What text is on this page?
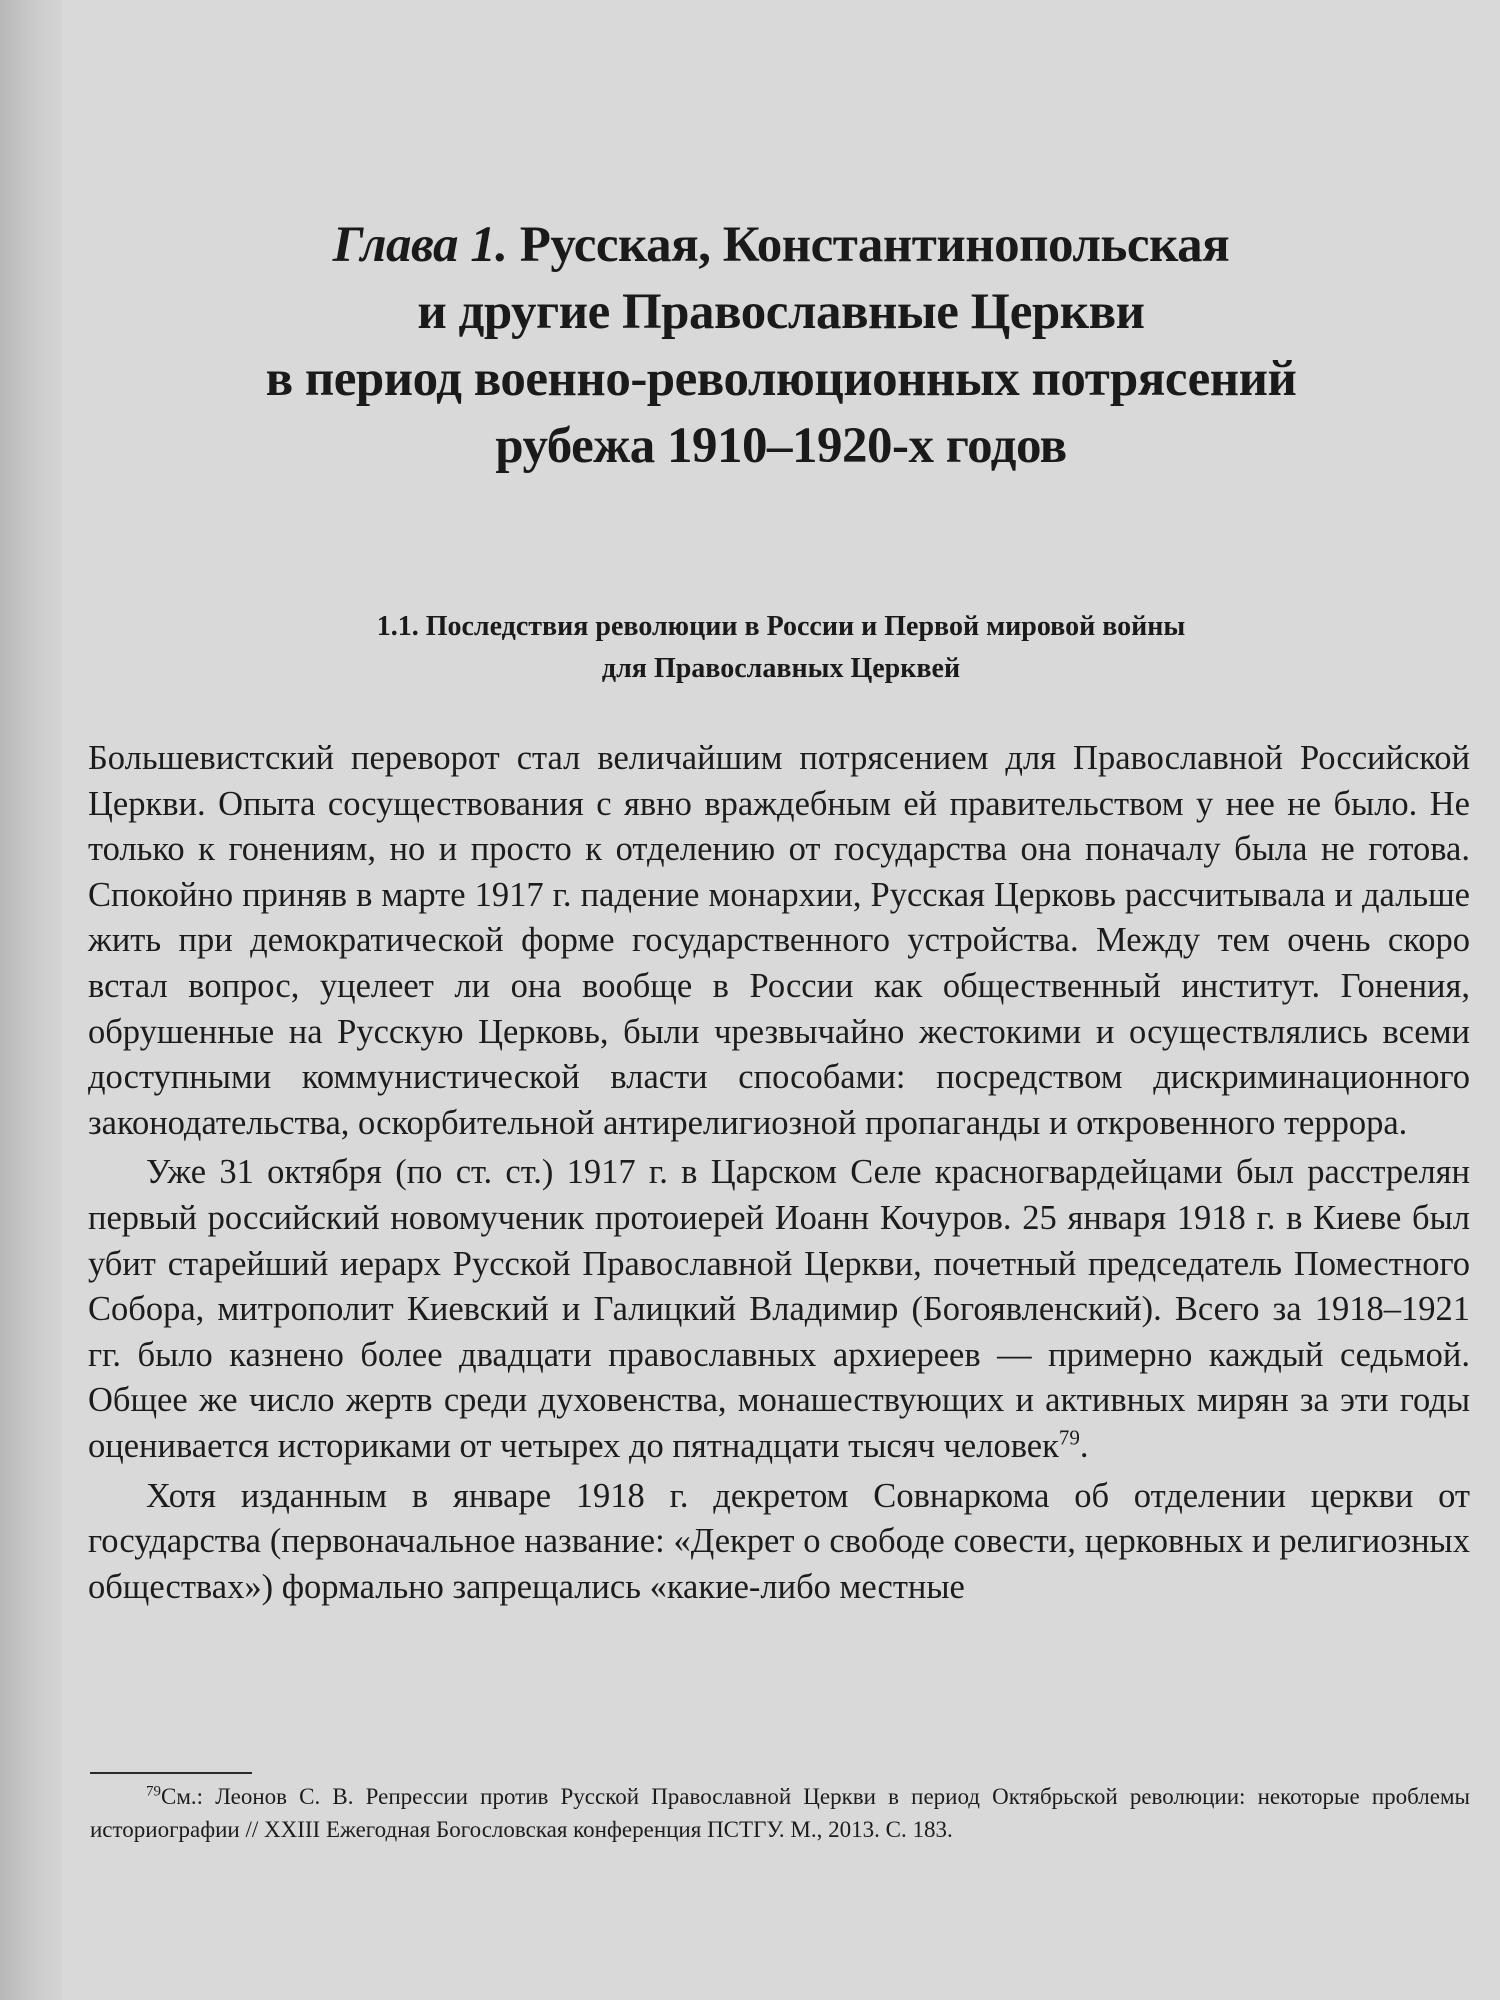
Глава 1. Русская, Константинопольская
и другие Православные Церкви
в период военно-революционных потрясений
рубежа 1910–1920-х годов
1.1. Последствия революции в России и Первой мировой войны
для Православных Церквей

Большевистский переворот стал величайшим потрясением для Православной Российской Церкви. Опыта сосуществования с явно враждебным ей правительством у нее не было. Не только к гонениям, но и просто к отделению от государства она поначалу была не готова. Спокойно приняв в марте 1917 г. падение монархии, Русская Церковь рассчитывала и дальше жить при демократической форме государственного устройства. Между тем очень скоро встал вопрос, уцелеет ли она вообще в России как общественный институт. Гонения, обрушенные на Русскую Церковь, были чрезвычайно жестокими и осуществлялись всеми доступными коммунистической власти способами: посредством дискриминационного законодательства, оскорбительной антирелигиозной пропаганды и откровенного террора.

Уже 31 октября (по ст. ст.) 1917 г. в Царском Селе красногвардейцами был расстрелян первый российский новомученик протоиерей Иоанн Кочуров. 25 января 1918 г. в Киеве был убит старейший иерарх Русской Православной Церкви, почетный председатель Поместного Собора, митрополит Киевский и Галицкий Владимир (Богоявленский). Всего за 1918–1921 гг. было казнено более двадцати православных архиереев — примерно каждый седьмой. Общее же число жертв среди духовенства, монашествующих и активных мирян за эти годы оценивается историками от четырех до пятнадцати тысяч человек$^{79}$.

Хотя изданным в январе 1918 г. декретом Совнаркома об отделении церкви от государства (первоначальное название: «Декрет о свободе совести, церковных и религиозных обществах») формально запрещались «какие-либо местные

$^{79}$См.: Леонов С. В. Репрессии против Русской Православной Церкви в период Октябрьской революции: некоторые проблемы историографии // XXIII Ежегодная Богословская конференция ПСТГУ. М., 2013. С. 183.
